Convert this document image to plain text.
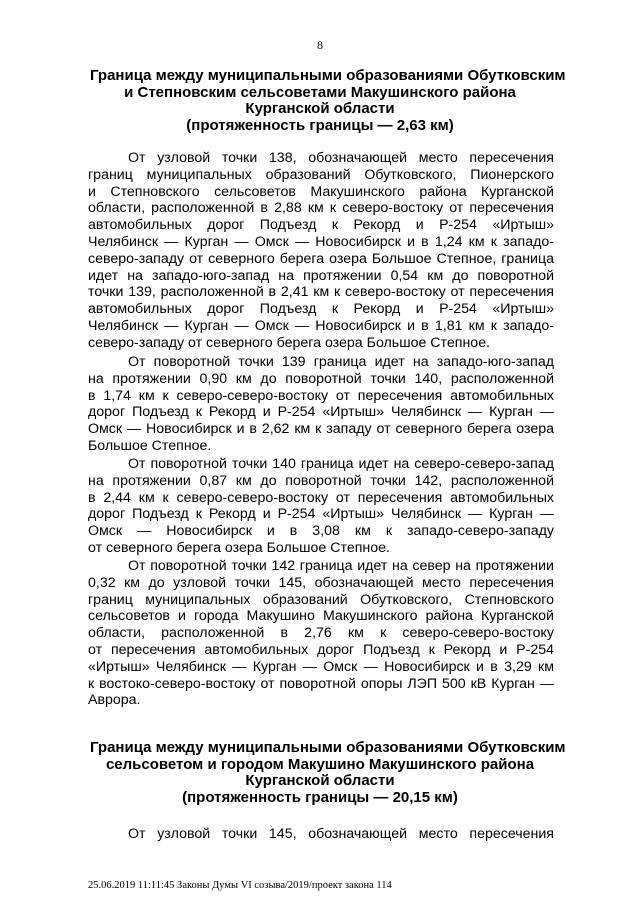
8
Граница между муниципальными образованиями Обутковским
и Степновским сельсоветами Макушинского района
Курганской области
(протяженность границы — 2,63 км)
От узловой точки 138, обозначающей место пересечения
границ муниципальных образований Обутковского, Пионерского
и Степновского сельсоветов Макушинского района Курганской
области, расположенной в 2,88 км к северо-востоку от пересечения
автомобильных дорог Подъезд к Рекорд и Р-254 «Иртыш»
Челябинск — Курган — Омск — Новосибирск и в 1,24 км к западо-
северо-западу от северного берега озера Большое Степное, граница
идет на западо-юго-запад на протяжении 0,54 км до поворотной
точки 139, расположенной в 2,41 км к северо-востоку от пересечения
автомобильных дорог Подъезд к Рекорд и Р-254 «Иртыш»
Челябинск — Курган — Омск — Новосибирск и в 1,81 км к западо-
северо-западу от северного берега озера Большое Степное.
От поворотной точки 139 граница идет на западо-юго-запад
на протяжении 0,90 км до поворотной точки 140, расположенной
в 1,74 км к северо-северо-востоку от пересечения автомобильных
дорог Подъезд к Рекорд и Р-254 «Иртыш» Челябинск — Курган —
Омск — Новосибирск и в 2,62 км к западу от северного берега озера
Большое Степное.
От поворотной точки 140 граница идет на северо-северо-запад
на протяжении 0,87 км до поворотной точки 142, расположенной
в 2,44 км к северо-северо-востоку от пересечения автомобильных
дорог Подъезд к Рекорд и Р-254 «Иртыш» Челябинск — Курган —
Омск — Новосибирск и в 3,08 км к западо-северо-западу
от северного берега озера Большое Степное.
От поворотной точки 142 граница идет на север на протяжении
0,32 км до узловой точки 145, обозначающей место пересечения
границ муниципальных образований Обутковского, Степновского
сельсоветов и города Макушино Макушинского района Курганской
области, расположенной в 2,76 км к северо-северо-востоку
от пересечения автомобильных дорог Подъезд к Рекорд и Р-254
«Иртыш» Челябинск — Курган — Омск — Новосибирск и в 3,29 км
к востоко-северо-востоку от поворотной опоры ЛЭП 500 кВ Курган —
Аврора.
Граница между муниципальными образованиями Обутковским
сельсоветом и городом Макушино Макушинского района
Курганской области
(протяженность границы — 20,15 км)
От узловой точки 145, обозначающей место пересечения
25.06.2019 11:11:45 Законы Думы VI созыва/2019/проект закона 114
